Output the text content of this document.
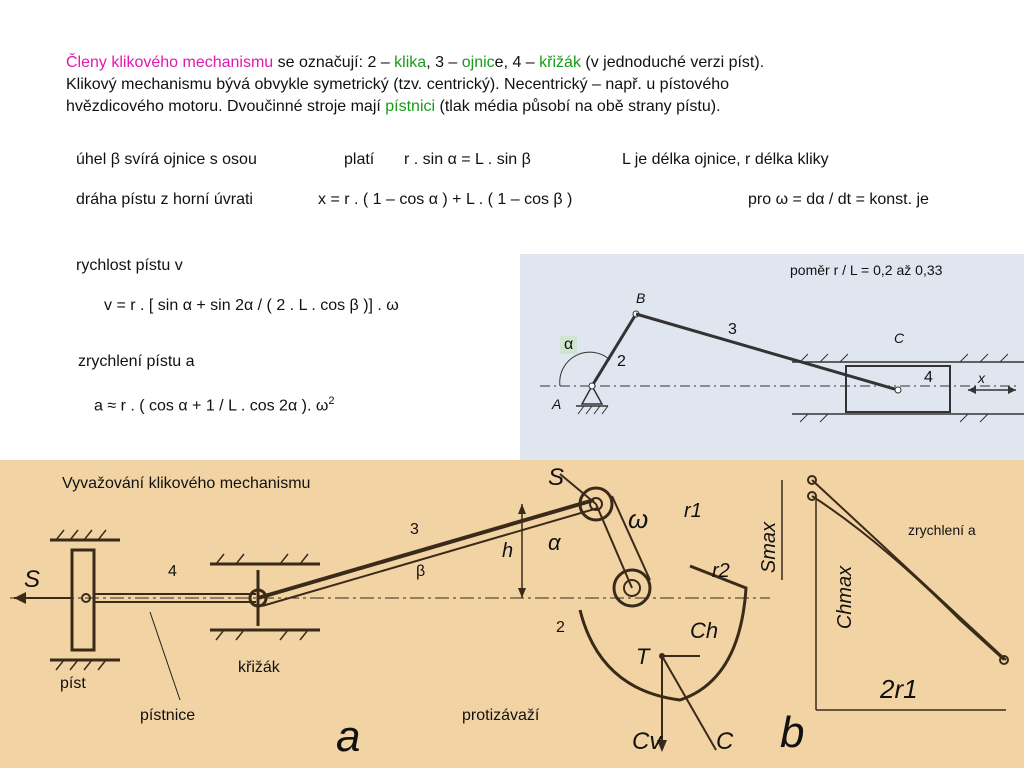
Členy klikového mechanismu se označují: 2 – klika, 3 – ojnice, 4 – křižák (v jednoduché verzi píst).
Klikový mechanismu bývá obvykle symetrický (tzv. centrický). Necentrický – např. u pístového
hvězdicového motoru. Dvoučinné stroje mají pístnici (tlak média působí na obě strany pístu).
úhel β svírá ojnice s osou	platí r . sin α = L . sin β	L je délka ojnice, r délka kliky
dráha pístu z horní úvrati	x = r . ( 1 – cos α ) + L . ( 1 – cos β )	pro ω = dα / dt = konst. je
rychlost pístu v
v = r . [ sin α + sin 2α / ( 2 . L . cos β )] . ω
zrychlení pístu a
a ≈ r . ( cos α + 1 / L . cos 2α ). $\omega^2$
poměr r / L = 0,2 až 0,33
α
2
3
4
A
B
C
x
Vyvažování klikového mechanismu
3
4	β
2
křižák
píst
pístnice	protizávaží
zrychlení a
S
S
h α
ω r1
r2
Ch
T
Cv C
a	b
Smax
Chmax
2r1
